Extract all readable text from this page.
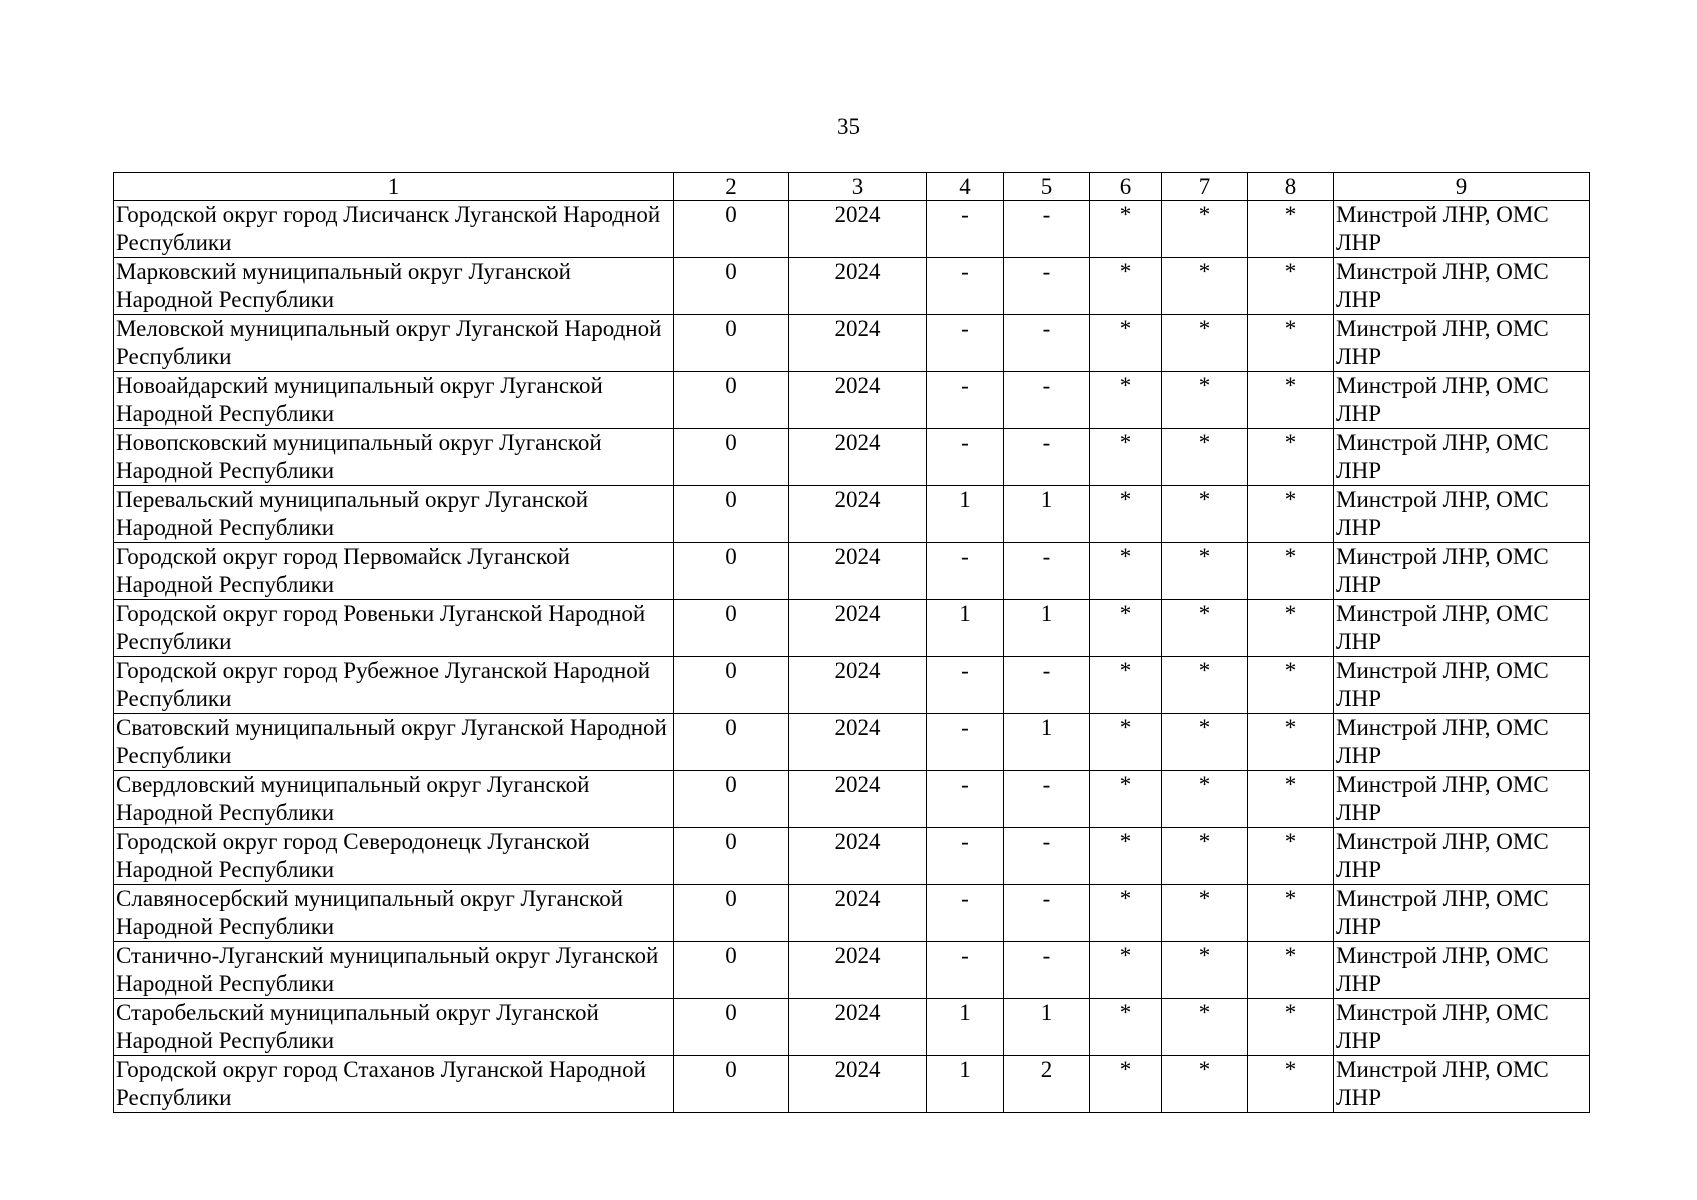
35
1	2	3	4	5	6	7	8	9
Городской округ город Лисичанск Луганской Народной Республики	0	2024	-	-	*	*	*	Минстрой ЛНР, ОМС ЛНР
Марковский муниципальный округ Луганской Народной Республики	0	2024	-	-	*	*	*	Минстрой ЛНР, ОМС ЛНР
Меловской муниципальный округ Луганской Народной Республики	0	2024	-	-	*	*	*	Минстрой ЛНР, ОМС ЛНР
Новоайдарский муниципальный округ Луганской Народной Республики	0	2024	-	-	*	*	*	Минстрой ЛНР, ОМС ЛНР
Новопсковский муниципальный округ Луганской Народной Республики	0	2024	-	-	*	*	*	Минстрой ЛНР, ОМС ЛНР
Перевальский муниципальный округ Луганской Народной Республики	0	2024	1	1	*	*	*	Минстрой ЛНР, ОМС ЛНР
Городской округ город Первомайск Луганской Народной Республики	0	2024	-	-	*	*	*	Минстрой ЛНР, ОМС ЛНР
Городской округ город Ровеньки Луганской Народной Республики	0	2024	1	1	*	*	*	Минстрой ЛНР, ОМС ЛНР
Городской округ город Рубежное Луганской Народной Республики	0	2024	-	-	*	*	*	Минстрой ЛНР, ОМС ЛНР
Сватовский муниципальный округ Луганской Народной Республики	0	2024	-	1	*	*	*	Минстрой ЛНР, ОМС ЛНР
Свердловский муниципальный округ Луганской Народной Республики	0	2024	-	-	*	*	*	Минстрой ЛНР, ОМС ЛНР
Городской округ город Северодонецк Луганской Народной Республики	0	2024	-	-	*	*	*	Минстрой ЛНР, ОМС ЛНР
Славяносербский муниципальный округ Луганской Народной Республики	0	2024	-	-	*	*	*	Минстрой ЛНР, ОМС ЛНР
Станично-Луганский муниципальный округ Луганской Народной Республики	0	2024	-	-	*	*	*	Минстрой ЛНР, ОМС ЛНР
Старобельский муниципальный округ Луганской Народной Республики	0	2024	1	1	*	*	*	Минстрой ЛНР, ОМС ЛНР
Городской округ город Стаханов Луганской Народной Республики	0	2024	1	2	*	*	*	Минстрой ЛНР, ОМС ЛНР
